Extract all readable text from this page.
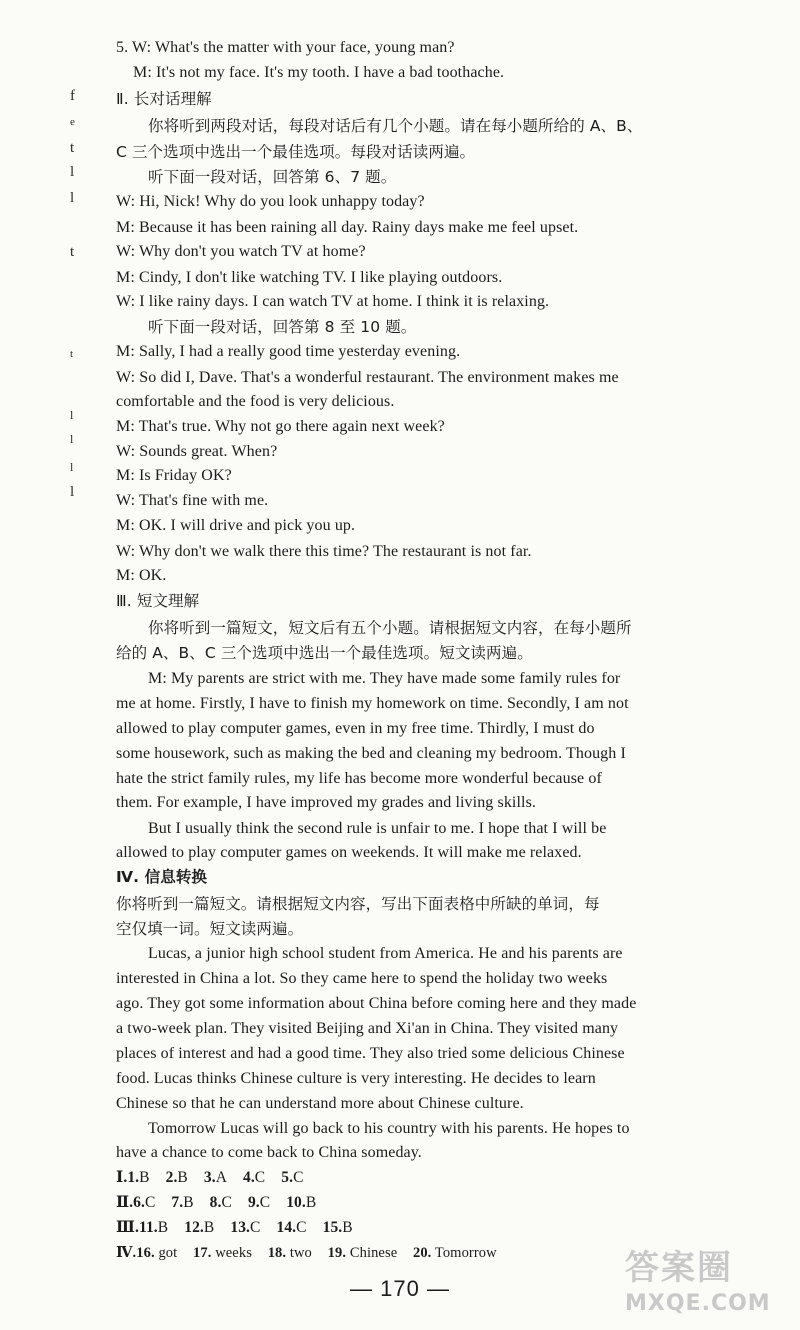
f
e
t
l
l
t
t
l
l
l
l
5. W: What's the matter with your face, young man?
M: It's not my face. It's my tooth. I have a bad toothache.
Ⅱ. 长对话理解
你将听到两段对话，每段对话后有几个小题。请在每小题所给的 A、B、
C 三个选项中选出一个最佳选项。每段对话读两遍。
听下面一段对话，回答第 6、7 题。
W: Hi, Nick! Why do you look unhappy today?
M: Because it has been raining all day. Rainy days make me feel upset.
W: Why don't you watch TV at home?
M: Cindy, I don't like watching TV. I like playing outdoors.
W: I like rainy days. I can watch TV at home. I think it is relaxing.
听下面一段对话，回答第 8 至 10 题。
M: Sally, I had a really good time yesterday evening.
W: So did I, Dave. That's a wonderful restaurant. The environment makes me
comfortable and the food is very delicious.
M: That's true. Why not go there again next week?
W: Sounds great. When?
M: Is Friday OK?
W: That's fine with me.
M: OK. I will drive and pick you up.
W: Why don't we walk there this time? The restaurant is not far.
M: OK.
Ⅲ. 短文理解
你将听到一篇短文，短文后有五个小题。请根据短文内容，在每小题所
给的 A、B、C 三个选项中选出一个最佳选项。短文读两遍。
M: My parents are strict with me. They have made some family rules for
me at home. Firstly, I have to finish my homework on time. Secondly, I am not
allowed to play computer games, even in my free time. Thirdly, I must do
some housework, such as making the bed and cleaning my bedroom. Though I
hate the strict family rules, my life has become more wonderful because of
them. For example, I have improved my grades and living skills.
But I usually think the second rule is unfair to me. I hope that I will be
allowed to play computer games on weekends. It will make me relaxed.
Ⅳ. 信息转换
你将听到一篇短文。请根据短文内容，写出下面表格中所缺的单词，每
空仅填一词。短文读两遍。
Lucas, a junior high school student from America. He and his parents are
interested in China a lot. So they came here to spend the holiday two weeks
ago. They got some information about China before coming here and they made
a two-week plan. They visited Beijing and Xi'an in China. They visited many
places of interest and had a good time. They also tried some delicious Chinese
food. Lucas thinks Chinese culture is very interesting. He decides to learn
Chinese so that he can understand more about Chinese culture.
Tomorrow Lucas will go back to his country with his parents. He hopes to
have a chance to come back to China someday.
Ⅰ.1.B 2.B 3.A 4.C 5.C
Ⅱ.6.C 7.B 8.C 9.C 10.B
Ⅲ.11.B 12.B 13.C 14.C 15.B
Ⅳ.16. got 17. weeks 18. two 19. Chinese 20. Tomorrow
— 170 —
答案圈
MXQE.COM
